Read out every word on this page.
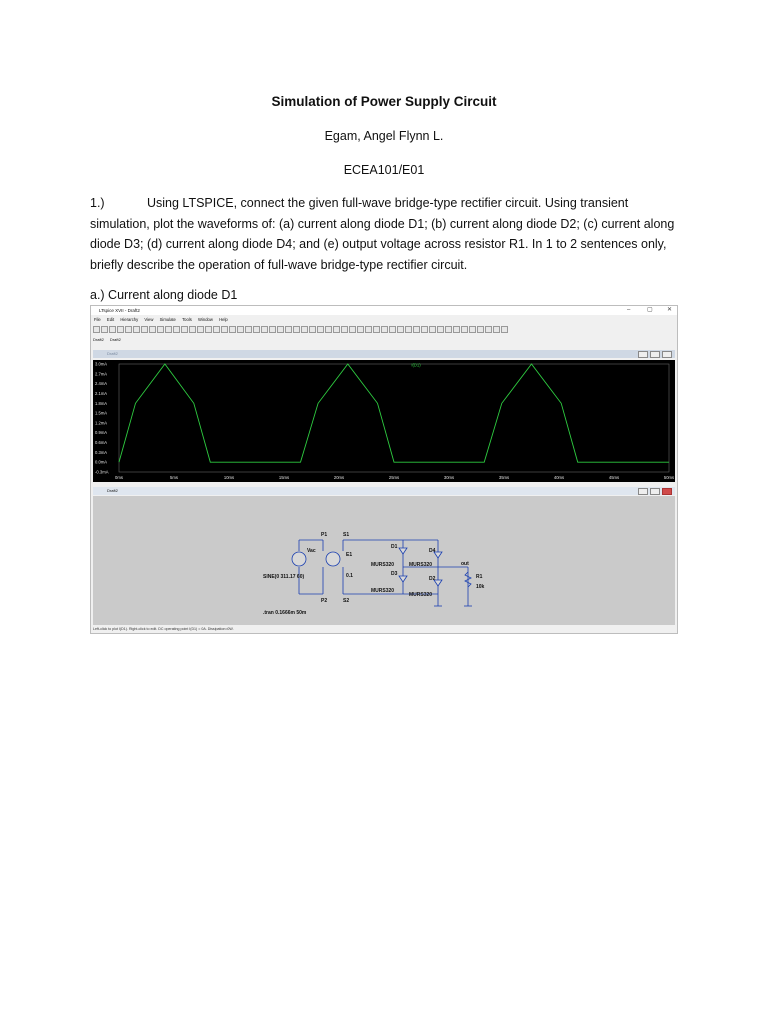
Simulation of Power Supply Circuit
Egam, Angel Flynn L.
ECEA101/E01
1.)	Using LTSPICE, connect the given full-wave bridge-type rectifier circuit. Using transient simulation, plot the waveforms of: (a) current along diode D1; (b) current along diode D2; (c) current along diode D3; (d) current along diode D4; and (e) output voltage across resistor R1. In 1 to 2 sentences only, briefly describe the operation of full-wave bridge-type rectifier circuit.
a.) Current along diode D1
LTspice XVII - Draft2	–	▢ ✕
File Edit Hierarchy View Simulate Tools Window Help
Draft2 Draft2
Draft2
3.0mA
2.7mA
2.4mA
2.1mA
1.8mA
1.5mA
1.2mA
0.9mA
0.6mA
0.3mA
0.0mA
-0.3mA
0ms	5ms	10ms	15ms	20ms	25ms	30ms	35ms	40ms	45ms	50ms
I(D1)
Draft2
P1	S1
P2	S2
Vac
SINE(0 311.17 60)
E1
0.1
D1
D4
D3
D2
MURS320	MURS320
MURS320
MURS320
out
R1
10k
.tran 0.1666m 50m
Left-click to plot I(D1). Right-click to edit. DC operating point I(D1) = 0A. Dissipation=0W.
